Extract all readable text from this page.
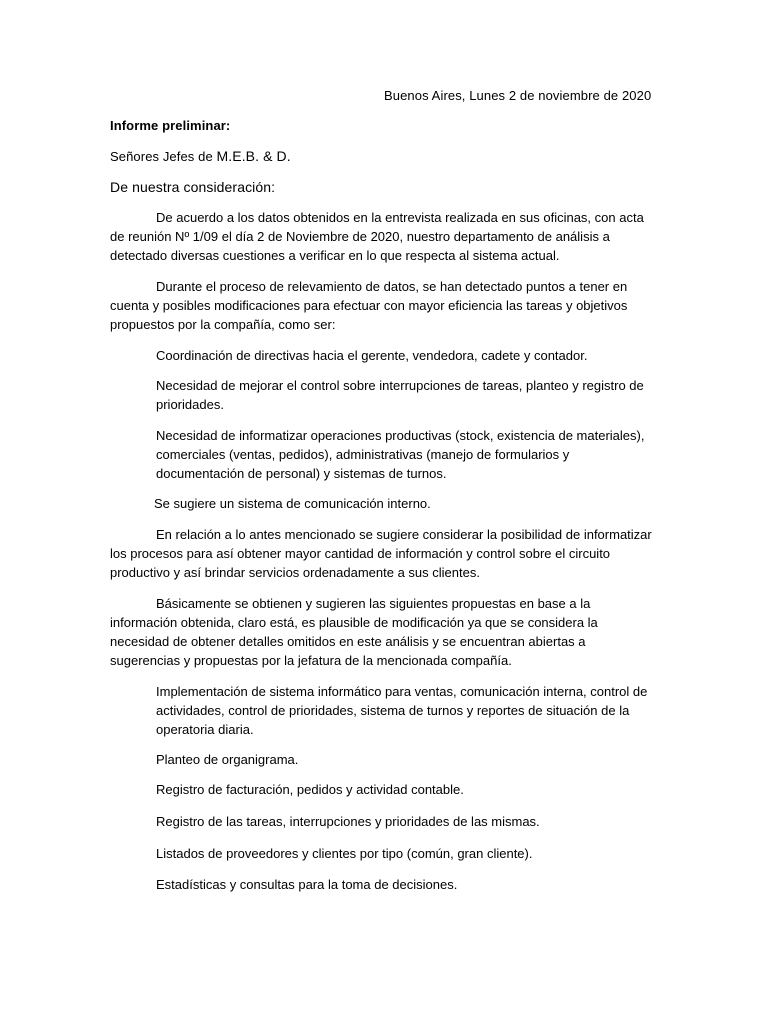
Buenos Aires, Lunes 2 de noviembre de 2020
Informe preliminar:
Señores Jefes de M.E.B. & D.
De nuestra consideración:
De acuerdo a los datos obtenidos en la entrevista realizada en sus oficinas, con acta de reunión Nº 1/09 el día 2 de Noviembre de 2020, nuestro departamento de análisis a detectado diversas cuestiones a verificar en lo que respecta al sistema actual.
Durante el proceso de relevamiento de datos, se han detectado puntos a tener en cuenta y posibles modificaciones para efectuar con mayor eficiencia las tareas y objetivos propuestos por la compañía, como ser:
Coordinación de directivas hacia el gerente, vendedora, cadete y contador.
Necesidad de mejorar el control sobre interrupciones de tareas, planteo y registro de prioridades.
Necesidad de informatizar operaciones productivas (stock, existencia de materiales), comerciales (ventas, pedidos), administrativas (manejo de formularios y documentación de personal) y sistemas de turnos.
Se sugiere un sistema de comunicación interno.
En relación a lo antes mencionado se sugiere considerar la posibilidad de informatizar los procesos para así obtener mayor cantidad de información y control sobre el circuito productivo y así brindar servicios ordenadamente a sus clientes.
Básicamente se obtienen y sugieren las siguientes propuestas en base a la información obtenida, claro está, es plausible de modificación ya que se considera la necesidad de obtener detalles omitidos en este análisis y se encuentran abiertas a sugerencias y propuestas por la jefatura de la mencionada compañía.
Implementación de sistema informático para ventas, comunicación interna, control de actividades, control de prioridades, sistema de turnos y reportes de situación de la operatoria diaria.
Planteo de organigrama.
Registro de facturación, pedidos y actividad contable.
Registro de las tareas, interrupciones y prioridades de las mismas.
Listados de proveedores y clientes por tipo (común, gran cliente).
Estadísticas y consultas para la toma de decisiones.
